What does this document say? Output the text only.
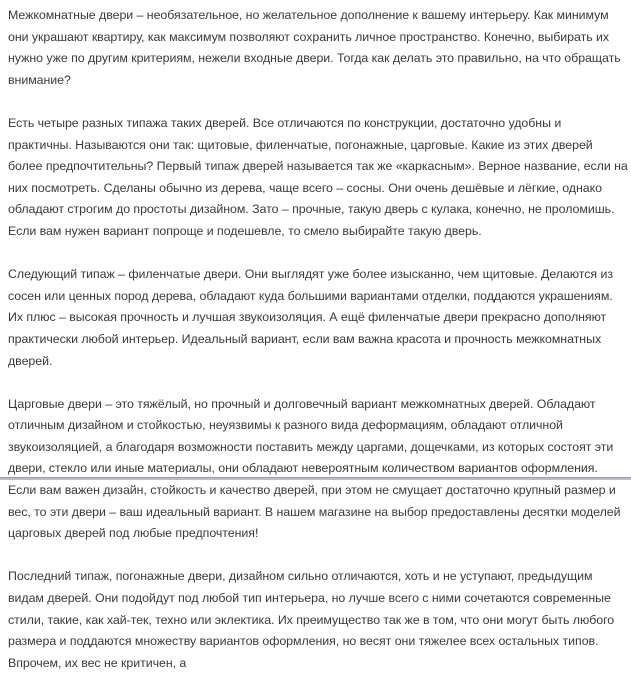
Межкомнатные двери – необязательное, но желательное дополнение к вашему интерьеру. Как минимум они украшают квартиру, как максимум позволяют сохранить личное пространство. Конечно, выбирать их нужно уже по другим критериям, нежели входные двери. Тогда как делать это правильно, на что обращать внимание?

Есть четыре разных типажа таких дверей. Все отличаются по конструкции, достаточно удобны и практичны. Называются они так: щитовые, филенчатые, погонажные, царговые. Какие из этих дверей более предпочтительны? Первый типаж дверей называется так же «каркасным». Верное название, если на них посмотреть. Сделаны обычно из дерева, чаще всего – сосны. Они очень дешёвые и лёгкие, однако обладают строгим до простоты дизайном. Зато – прочные, такую дверь с кулака, конечно, не проломишь. Если вам нужен вариант попроще и подешевле, то смело выбирайте такую дверь.

Следующий типаж – филенчатые двери. Они выглядят уже более изысканно, чем щитовые. Делаются из сосен или ценных пород дерева, обладают куда большими вариантами отделки, поддаются украшениям. Их плюс – высокая прочность и лучшая звукоизоляция. А ещё филенчатые двери прекрасно дополняют практически любой интерьер. Идеальный вариант, если вам важна красота и прочность межкомнатных дверей.

Царговые двери – это тяжёлый, но прочный и долговечный вариант межкомнатных дверей. Обладают отличным дизайном и стойкостью, неуязвимы к разного вида деформациям, обладают отличной звукоизоляцией, а благодаря возможности поставить между царгами, дощечками, из которых состоят эти двери, стекло или иные материалы, они обладают невероятным количеством вариантов оформления. Если вам важен дизайн, стойкость и качество дверей, при этом не смущает достаточно крупный размер и вес, то эти двери – ваш идеальный вариант. В нашем магазине на выбор предоставлены десятки моделей царговых дверей под любые предпочтения!

Последний типаж, погонажные двери, дизайном сильно отличаются, хоть и не уступают, предыдущим видам дверей. Они подойдут под любой тип интерьера, но лучше всего с ними сочетаются современные стили, такие, как хай-тек, техно или эклектика. Их преимущество так же в том, что они могут быть любого размера и поддаются множеству вариантов оформления, но весят они тяжелее всех остальных типов. Впрочем, их вес не критичен, а
